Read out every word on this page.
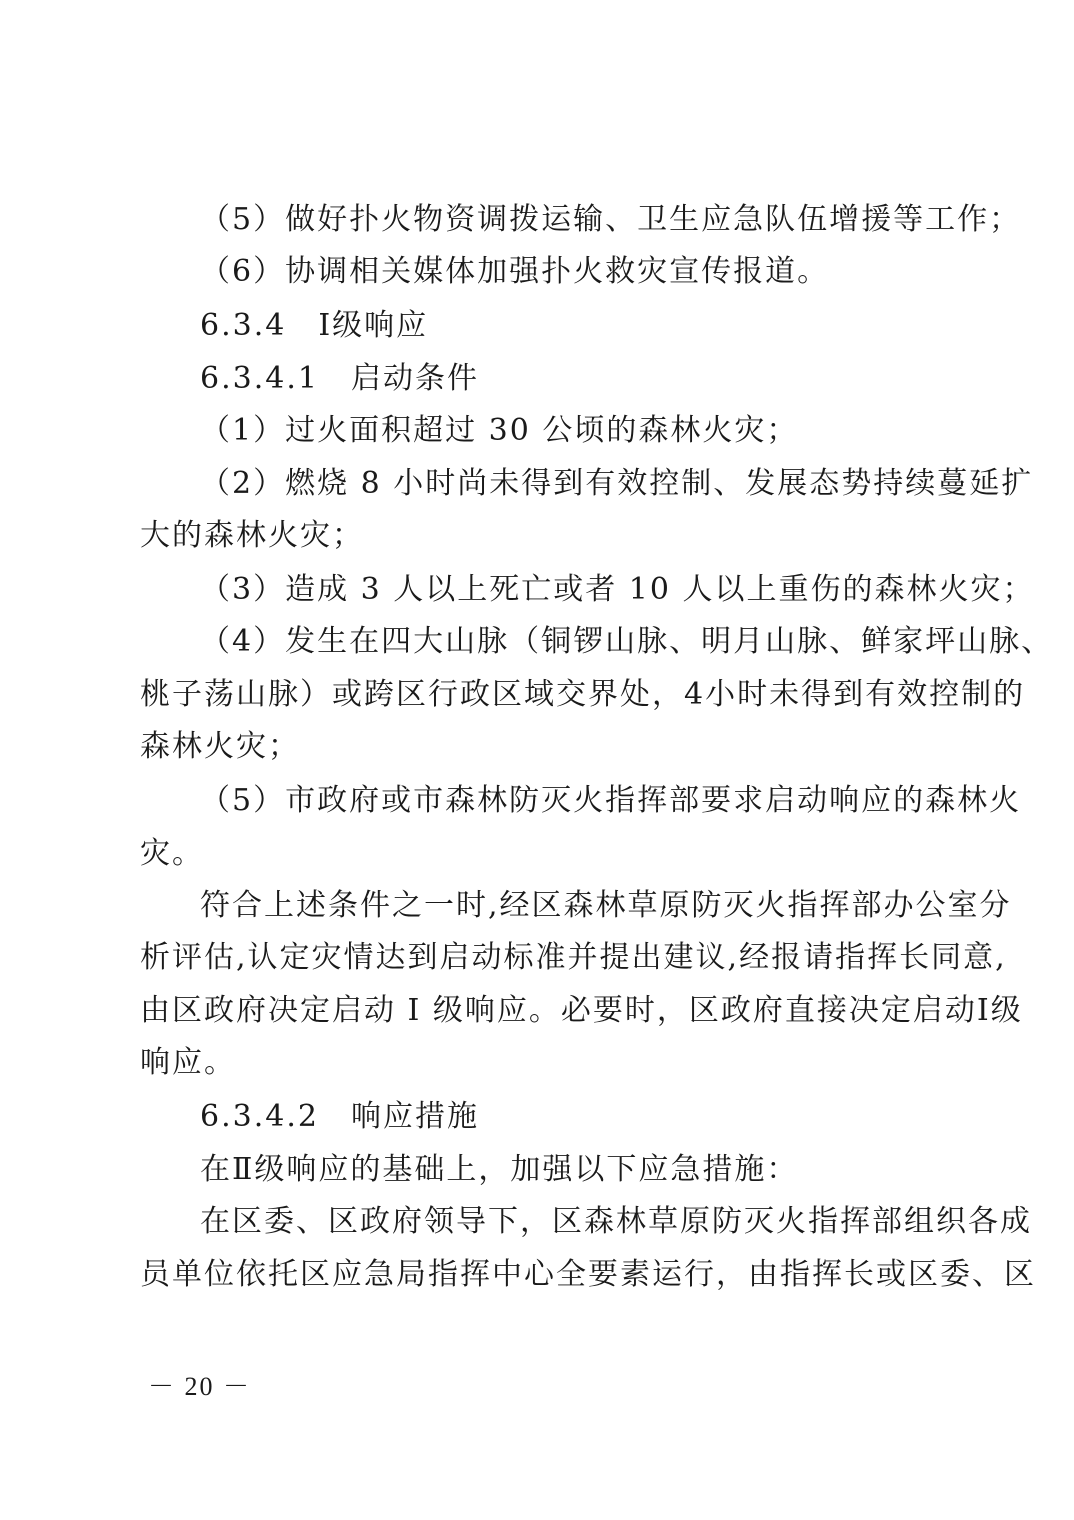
（5）做好扑火物资调拨运输、卫生应急队伍增援等工作；
（6）协调相关媒体加强扑火救灾宣传报道。
6.3.4　Ⅰ级响应
6.3.4.1　启动条件
（1）过火面积超过 30 公顷的森林火灾；
（2）燃烧 8 小时尚未得到有效控制、发展态势持续蔓延扩
大的森林火灾；
（3）造成 3 人以上死亡或者 10 人以上重伤的森林火灾；
（4）发生在四大山脉（铜锣山脉、明月山脉、鲜家坪山脉、
桃子荡山脉）或跨区行政区域交界处，4小时未得到有效控制的
森林火灾；
（5）市政府或市森林防灭火指挥部要求启动响应的森林火
灾。
符合上述条件之一时,经区森林草原防灭火指挥部办公室分
析评估,认定灾情达到启动标准并提出建议,经报请指挥长同意,
由区政府决定启动 I 级响应。必要时，区政府直接决定启动Ⅰ级
响应。
6.3.4.2　响应措施
在Ⅱ级响应的基础上，加强以下应急措施：
在区委、区政府领导下，区森林草原防灭火指挥部组织各成
员单位依托区应急局指挥中心全要素运行，由指挥长或区委、区
－ 20 －
